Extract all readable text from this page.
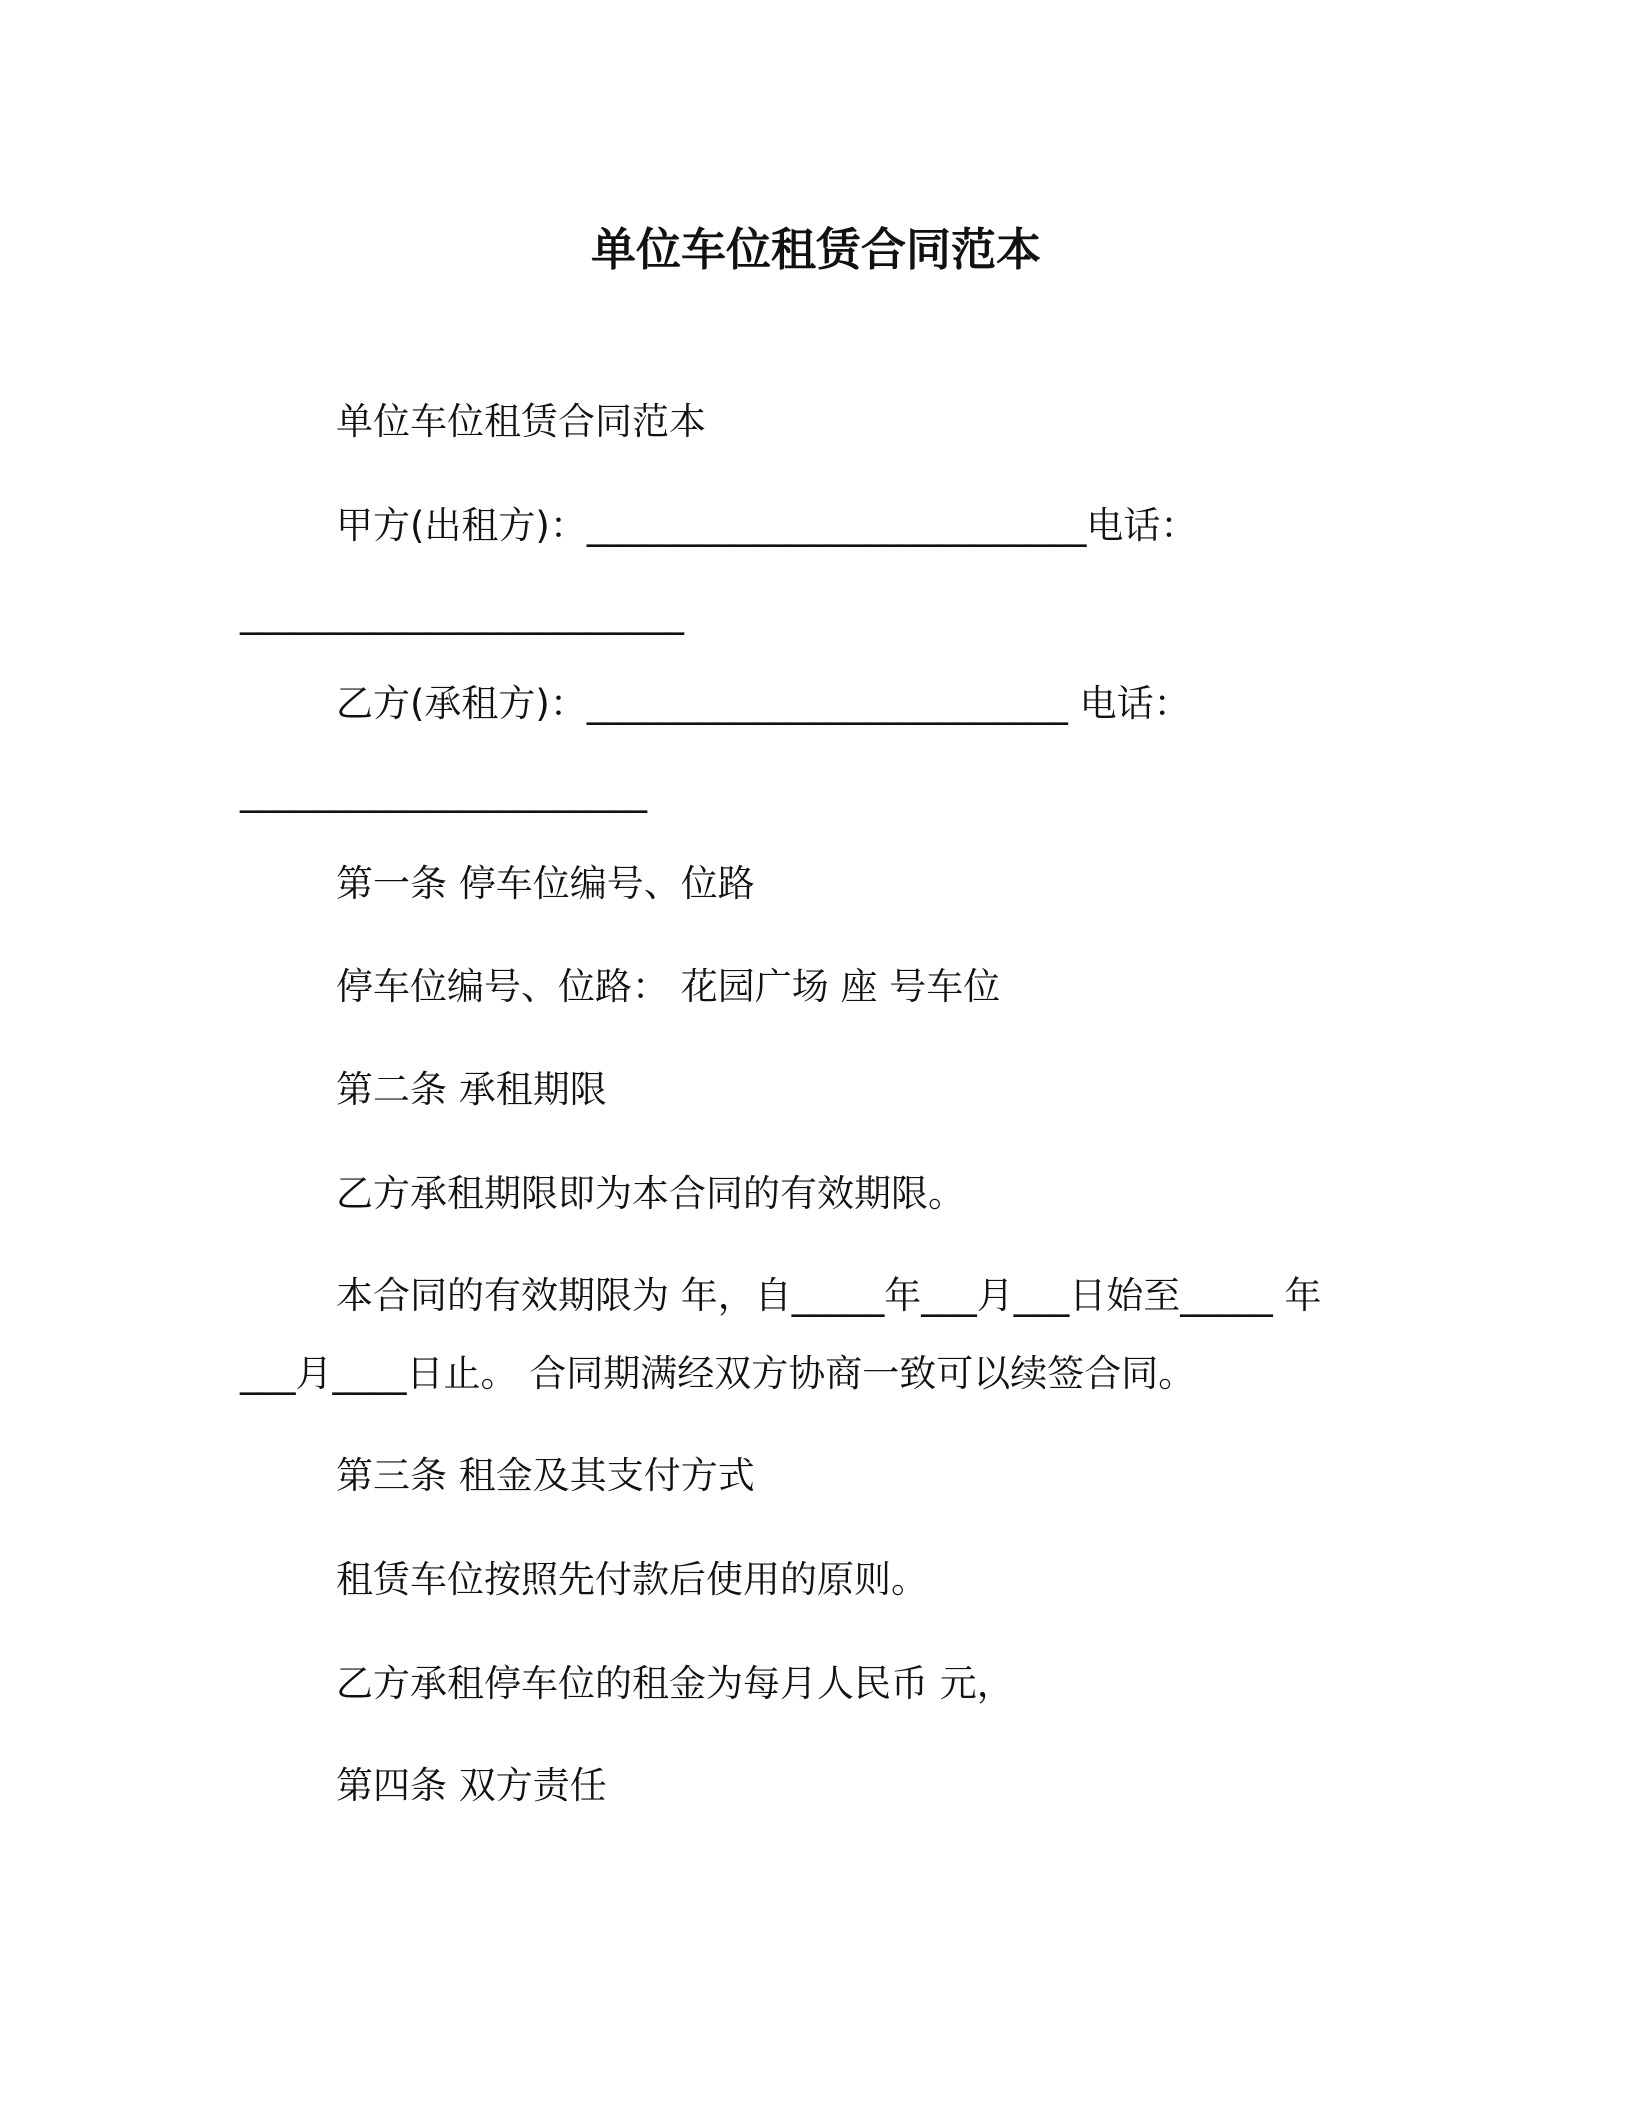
单位车位租赁合同范本
单位车位租赁合同范本
甲方(出租方)：___________________________电话：
________________________
乙方(承租方)：__________________________ 电话：
______________________
第一条 停车位编号、位路
停车位编号、位路： 花园广场 座 号车位
第二条 承租期限
乙方承租期限即为本合同的有效期限。
本合同的有效期限为 年，自_____年___月___日始至_____ 年
___月____日止。 合同期满经双方协商一致可以续签合同。
第三条 租金及其支付方式
租赁车位按照先付款后使用的原则。
乙方承租停车位的租金为每月人民币 元，
第四条 双方责任
